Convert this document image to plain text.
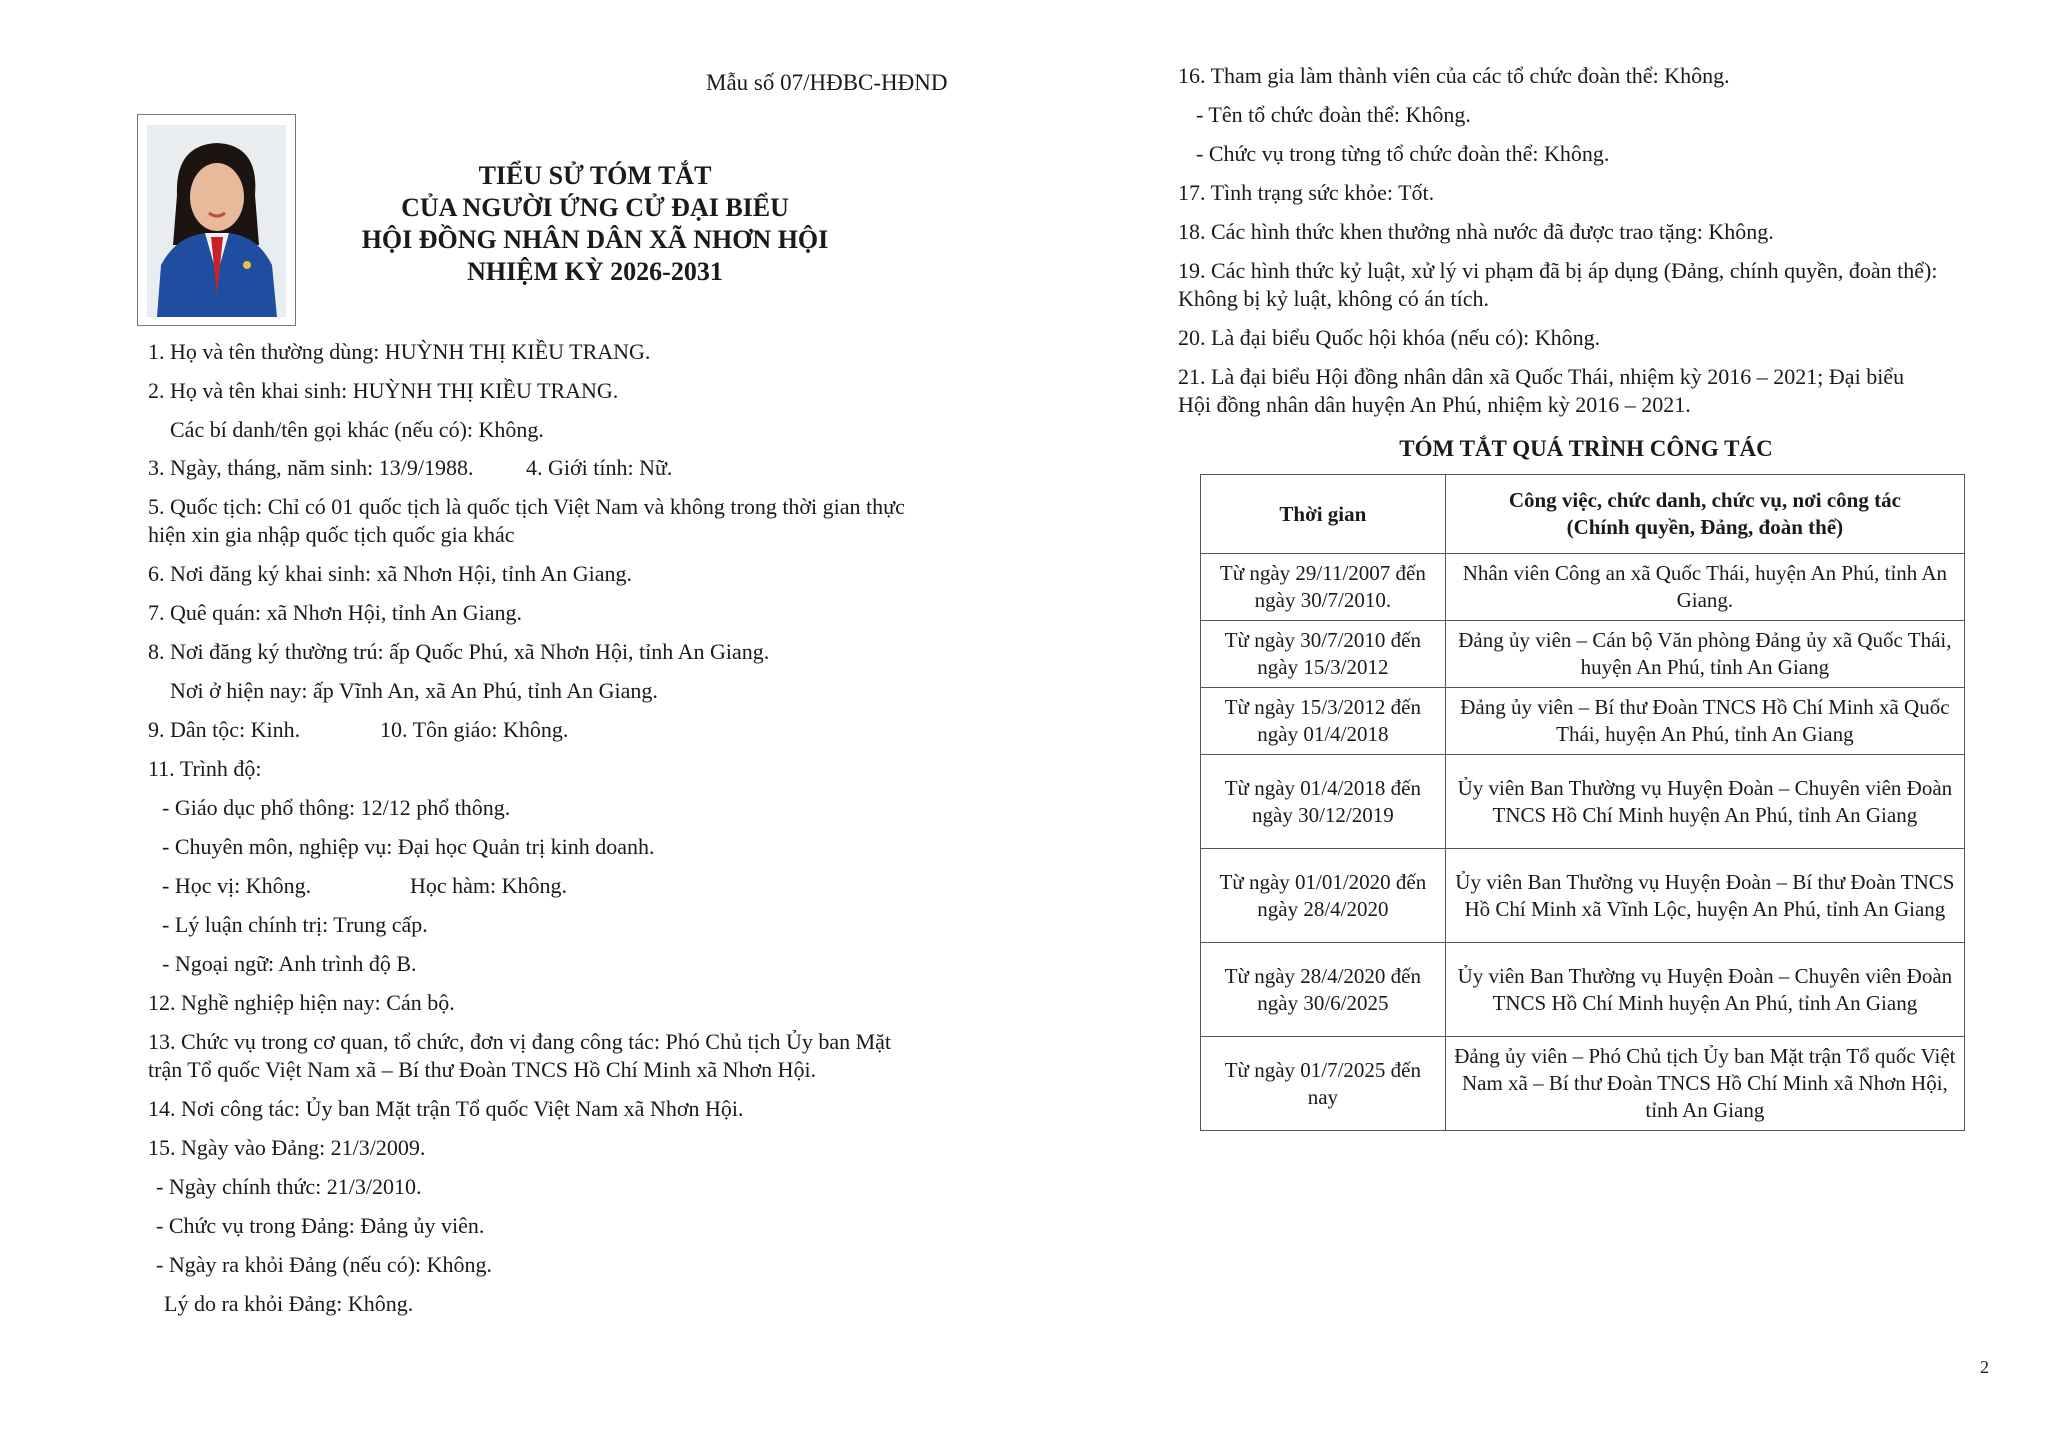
Mẫu số 07/HĐBC-HĐND
TIỂU SỬ TÓM TẮT
CỦA NGƯỜI ỨNG CỬ ĐẠI BIỂU
HỘI ĐỒNG NHÂN DÂN XÃ NHƠN HỘI
NHIỆM KỲ 2026-2031
1. Họ và tên thường dùng: HUỲNH THỊ KIỀU TRANG.
2. Họ và tên khai sinh: HUỲNH THỊ KIỀU TRANG.
Các bí danh/tên gọi khác (nếu có): Không.
3. Ngày, tháng, năm sinh: 13/9/1988. 4. Giới tính: Nữ.
5. Quốc tịch: Chỉ có 01 quốc tịch là quốc tịch Việt Nam và không trong thời gian thực
hiện xin gia nhập quốc tịch quốc gia khác
6. Nơi đăng ký khai sinh: xã Nhơn Hội, tỉnh An Giang.
7. Quê quán: xã Nhơn Hội, tỉnh An Giang.
8. Nơi đăng ký thường trú: ấp Quốc Phú, xã Nhơn Hội, tỉnh An Giang.
Nơi ở hiện nay: ấp Vĩnh An, xã An Phú, tỉnh An Giang.
9. Dân tộc: Kinh.	10. Tôn giáo: Không.
11. Trình độ:
- Giáo dục phổ thông: 12/12 phổ thông.
- Chuyên môn, nghiệp vụ: Đại học Quản trị kinh doanh.
- Học vị: Không.	Học hàm: Không.
- Lý luận chính trị: Trung cấp.
- Ngoại ngữ: Anh trình độ B.
12. Nghề nghiệp hiện nay: Cán bộ.
13. Chức vụ trong cơ quan, tổ chức, đơn vị đang công tác: Phó Chủ tịch Ủy ban Mặt
trận Tổ quốc Việt Nam xã – Bí thư Đoàn TNCS Hồ Chí Minh xã Nhơn Hội.
14. Nơi công tác: Ủy ban Mặt trận Tổ quốc Việt Nam xã Nhơn Hội.
15. Ngày vào Đảng: 21/3/2009.
- Ngày chính thức: 21/3/2010.
- Chức vụ trong Đảng: Đảng ủy viên.
- Ngày ra khỏi Đảng (nếu có): Không.
Lý do ra khỏi Đảng: Không.
16. Tham gia làm thành viên của các tổ chức đoàn thể: Không.
- Tên tổ chức đoàn thể: Không.
- Chức vụ trong từng tổ chức đoàn thể: Không.
17. Tình trạng sức khỏe: Tốt.
18. Các hình thức khen thưởng nhà nước đã được trao tặng: Không.
19. Các hình thức kỷ luật, xử lý vi phạm đã bị áp dụng (Đảng, chính quyền, đoàn thể):
Không bị kỷ luật, không có án tích.
20. Là đại biểu Quốc hội khóa (nếu có): Không.
21. Là đại biểu Hội đồng nhân dân xã Quốc Thái, nhiệm kỳ 2016 – 2021; Đại biểu
Hội đồng nhân dân huyện An Phú, nhiệm kỳ 2016 – 2021.
TÓM TẮT QUÁ TRÌNH CÔNG TÁC
Thời gian	Công việc, chức danh, chức vụ, nơi công tác
(Chính quyền, Đảng, đoàn thể)

Từ ngày 29/11/2007 đến ngày 30/7/2010.	Nhân viên Công an xã Quốc Thái, huyện An Phú, tỉnh An Giang.
Từ ngày 30/7/2010 đến ngày 15/3/2012	Đảng ủy viên – Cán bộ Văn phòng Đảng ủy xã Quốc Thái, huyện An Phú, tỉnh An Giang
Từ ngày 15/3/2012 đến ngày 01/4/2018	Đảng ủy viên – Bí thư Đoàn TNCS Hồ Chí Minh xã Quốc Thái, huyện An Phú, tỉnh An Giang
Từ ngày 01/4/2018 đến ngày 30/12/2019	Ủy viên Ban Thường vụ Huyện Đoàn – Chuyên viên Đoàn TNCS Hồ Chí Minh huyện An Phú, tỉnh An Giang
Từ ngày 01/01/2020 đến ngày 28/4/2020	Ủy viên Ban Thường vụ Huyện Đoàn – Bí thư Đoàn TNCS Hồ Chí Minh xã Vĩnh Lộc, huyện An Phú, tỉnh An Giang
Từ ngày 28/4/2020 đến ngày 30/6/2025	Ủy viên Ban Thường vụ Huyện Đoàn – Chuyên viên Đoàn TNCS Hồ Chí Minh huyện An Phú, tỉnh An Giang
Từ ngày 01/7/2025 đến nay	Đảng ủy viên – Phó Chủ tịch Ủy ban Mặt trận Tổ quốc Việt Nam xã – Bí thư Đoàn TNCS Hồ Chí Minh xã Nhơn Hội, tỉnh An Giang
2
